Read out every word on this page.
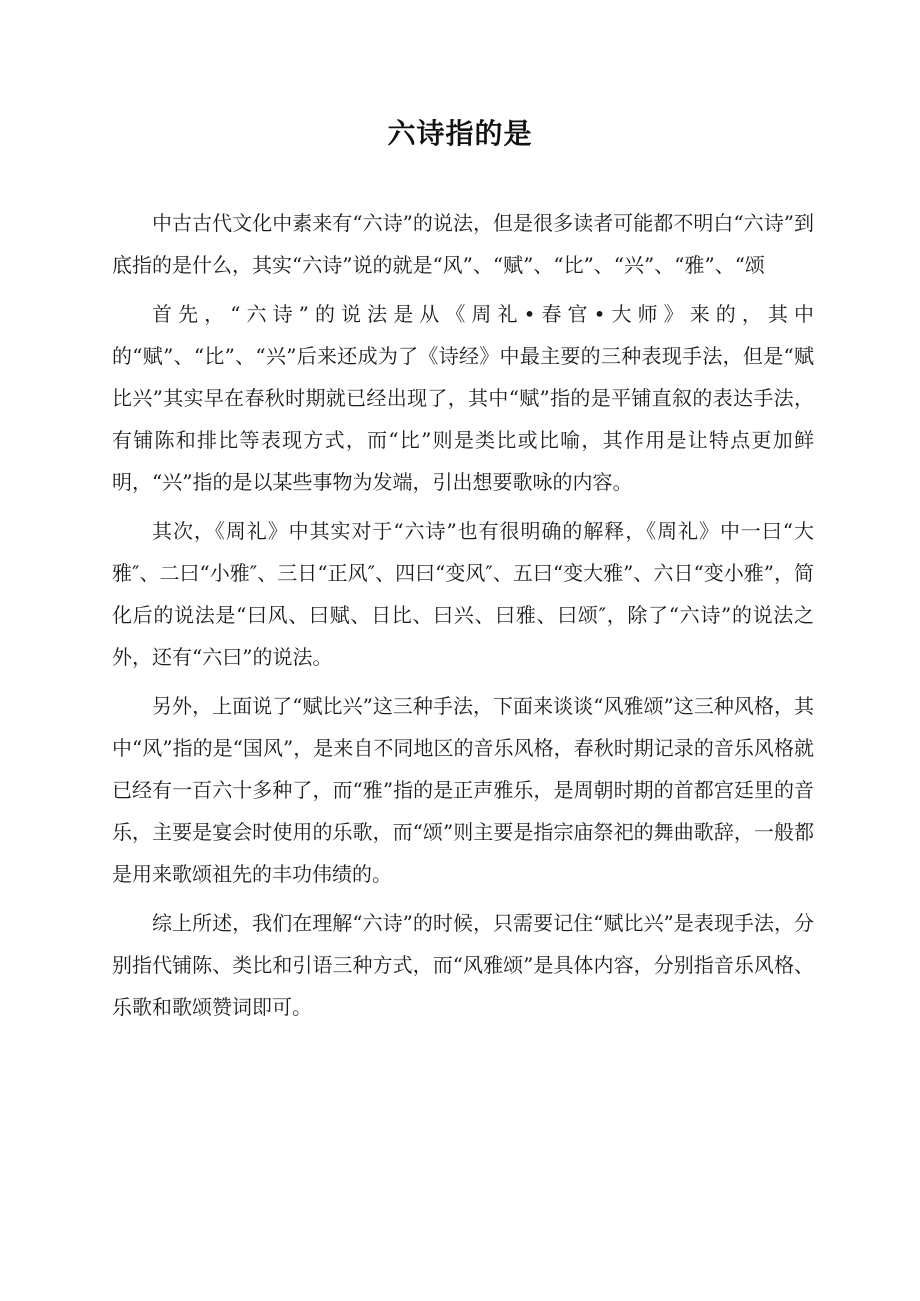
六诗指的是

中古古代文化中素来有“六诗”的说法，但是很多读者可能都不明白“六诗”到底指的是什么，其实“六诗”说的就是“风”、“赋”、“比”、“兴”、“雅”、“颂

首先，“六诗”的说法是从《周礼•春官•大师》来的，其中的“赋”、“比”、“兴”后来还成为了《诗经》中最主要的三种表现手法，但是“赋比兴”其实早在春秋时期就已经出现了，其中“赋”指的是平铺直叙的表达手法，有铺陈和排比等表现方式，而“比”则是类比或比喻，其作用是让特点更加鲜明，“兴”指的是以某些事物为发端，引出想要歌咏的内容。

其次，《周礼》中其实对于“六诗”也有很明确的解释，《周礼》中一曰“大雅″、二曰“小雅″、三日“正风″、四曰“变风″、五曰“变大雅”、六日“变小雅”，简化后的说法是“曰风、曰赋、日比、曰兴、曰雅、曰颂″，除了“六诗”的说法之外，还有“六曰”的说法。

另外，上面说了“赋比兴”这三种手法，下面来谈谈“风雅颂”这三种风格，其中“风”指的是“国风”，是来自不同地区的音乐风格，春秋时期记录的音乐风格就已经有一百六十多种了，而“雅”指的是正声雅乐，是周朝时期的首都宫廷里的音乐，主要是宴会时使用的乐歌，而“颂”则主要是指宗庙祭祀的舞曲歌辞，一般都是用来歌颂祖先的丰功伟绩的。

综上所述，我们在理解“六诗”的时候，只需要记住“赋比兴”是表现手法，分别指代铺陈、类比和引语三种方式，而“风雅颂”是具体内容，分别指音乐风格、乐歌和歌颂赞词即可。
